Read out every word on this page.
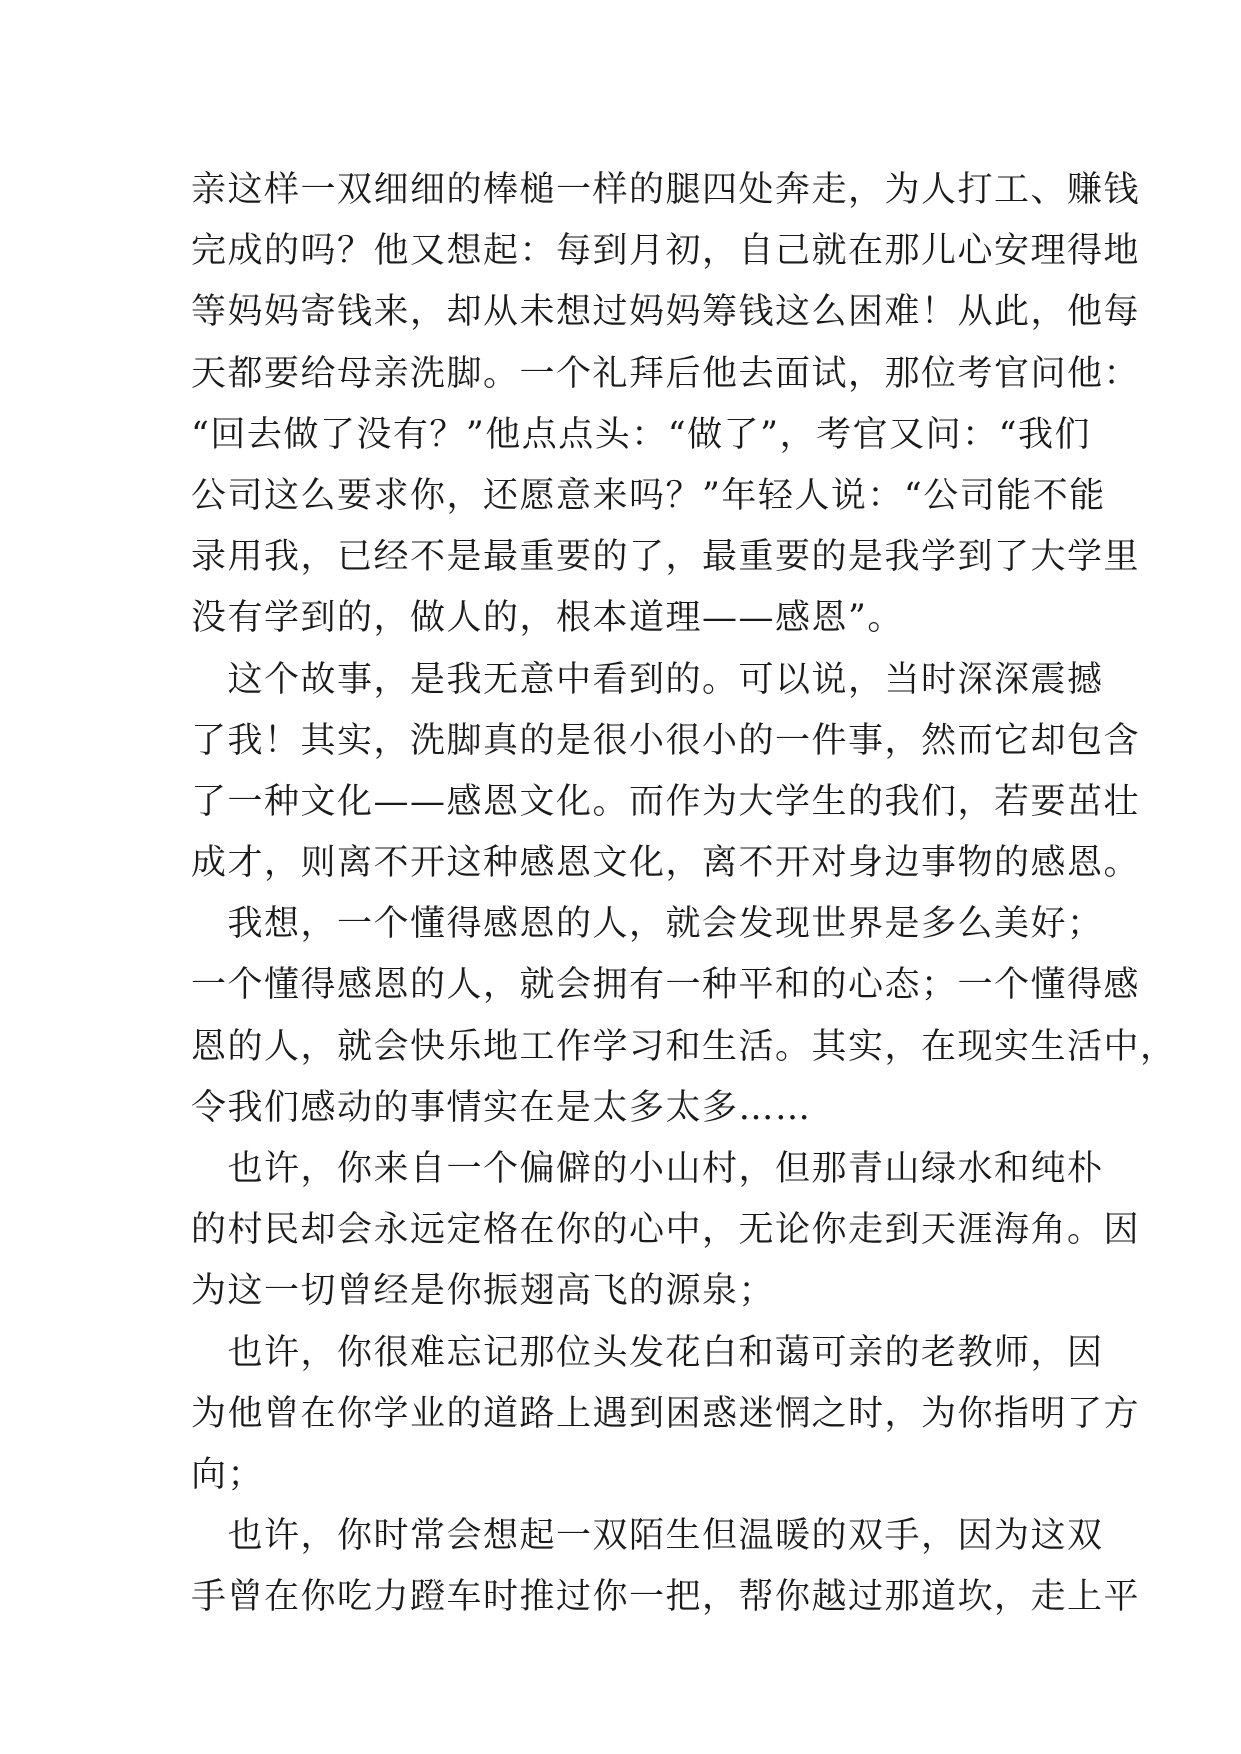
亲这样一双细细的棒槌一样的腿四处奔走，为人打工、赚钱
完成的吗？他又想起：每到月初，自己就在那儿心安理得地
等妈妈寄钱来，却从未想过妈妈筹钱这么困难！从此，他每
天都要给母亲洗脚。一个礼拜后他去面试，那位考官问他：
“回去做了没有？”他点点头：“做了”，考官又问：“我们
公司这么要求你，还愿意来吗？”年轻人说：“公司能不能
录用我，已经不是最重要的了，最重要的是我学到了大学里
没有学到的，做人的，根本道理——感恩”。
　这个故事，是我无意中看到的。可以说，当时深深震撼
了我！其实，洗脚真的是很小很小的一件事，然而它却包含
了一种文化——感恩文化。而作为大学生的我们，若要茁壮
成才，则离不开这种感恩文化，离不开对身边事物的感恩。
　我想，一个懂得感恩的人，就会发现世界是多么美好；
一个懂得感恩的人，就会拥有一种平和的心态；一个懂得感
恩的人，就会快乐地工作学习和生活。其实，在现实生活中，
令我们感动的事情实在是太多太多……
　也许，你来自一个偏僻的小山村，但那青山绿水和纯朴
的村民却会永远定格在你的心中，无论你走到天涯海角。因
为这一切曾经是你振翅高飞的源泉；
　也许，你很难忘记那位头发花白和蔼可亲的老教师，因
为他曾在你学业的道路上遇到困惑迷惘之时，为你指明了方
向；
　也许，你时常会想起一双陌生但温暖的双手，因为这双
手曾在你吃力蹬车时推过你一把，帮你越过那道坎，走上平
